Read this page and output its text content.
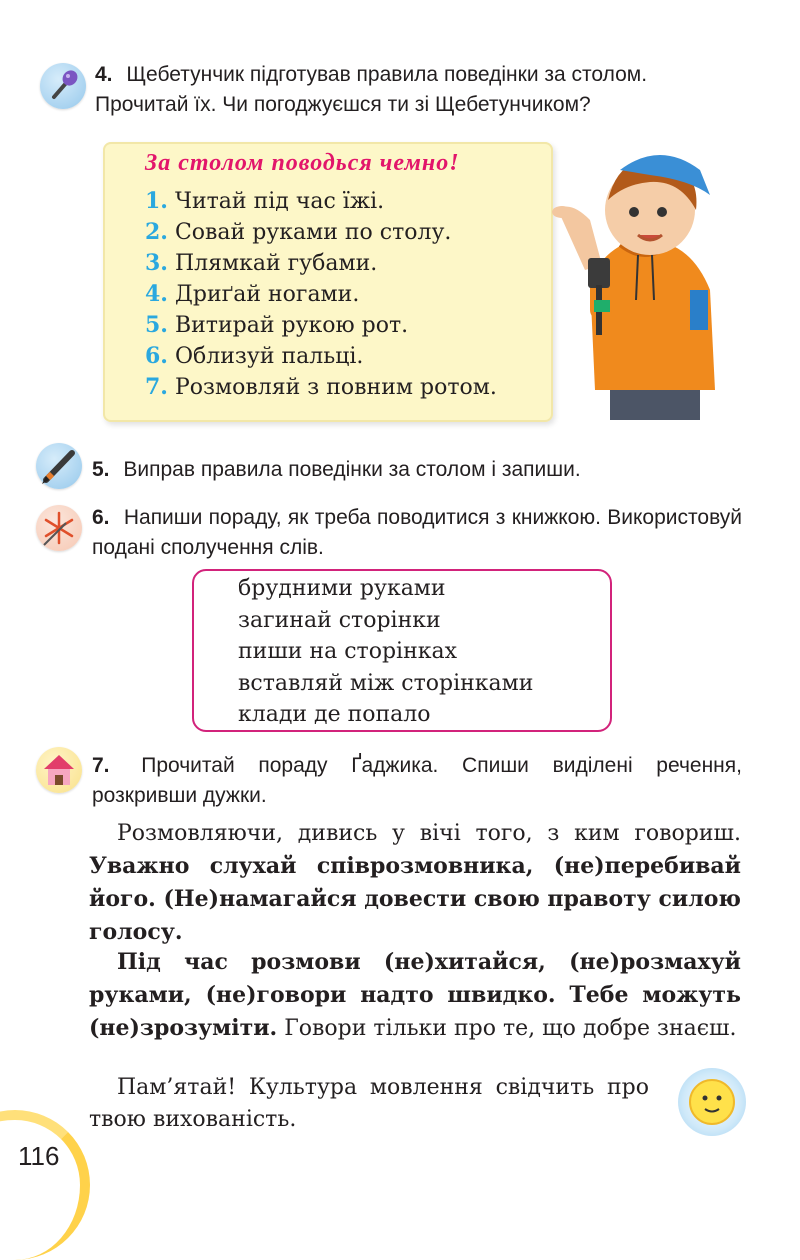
4. Щебетунчик підготував правила поведінки за столом. Прочитай їх. Чи погоджуєшся ти зі Щебетунчиком?
За столом поводься чемно!
1. Читай під час їжі.
2. Совай руками по столу.
3. Плямкай губами.
4. Дриґай ногами.
5. Витирай рукою рот.
6. Облизуй пальці.
7. Розмовляй з повним ротом.
5. Виправ правила поведінки за столом і запиши.
6. Напиши пораду, як треба поводитися з книжкою. Використовуй подані сполучення слів.
брудними руками
загинай сторінки
пиши на сторінках
вставляй між сторінками
клади де попало
7. Прочитай пораду Ґаджика. Спиши виділені речення, розкривши дужки.
Розмовляючи, дивись у вічі того, з ким говориш. Уважно слухай співрозмовника, (не)перебивай його. (Не)намагайся довести свою правоту силою голосу.
Під час розмови (не)хитайся, (не)розмахуй руками, (не)говори надто швидко. Тебе можуть (не)зрозуміти. Говори тільки про те, що добре знаєш.
Пам’ятай! Культура мовлення свідчить про твою вихованість.
116
